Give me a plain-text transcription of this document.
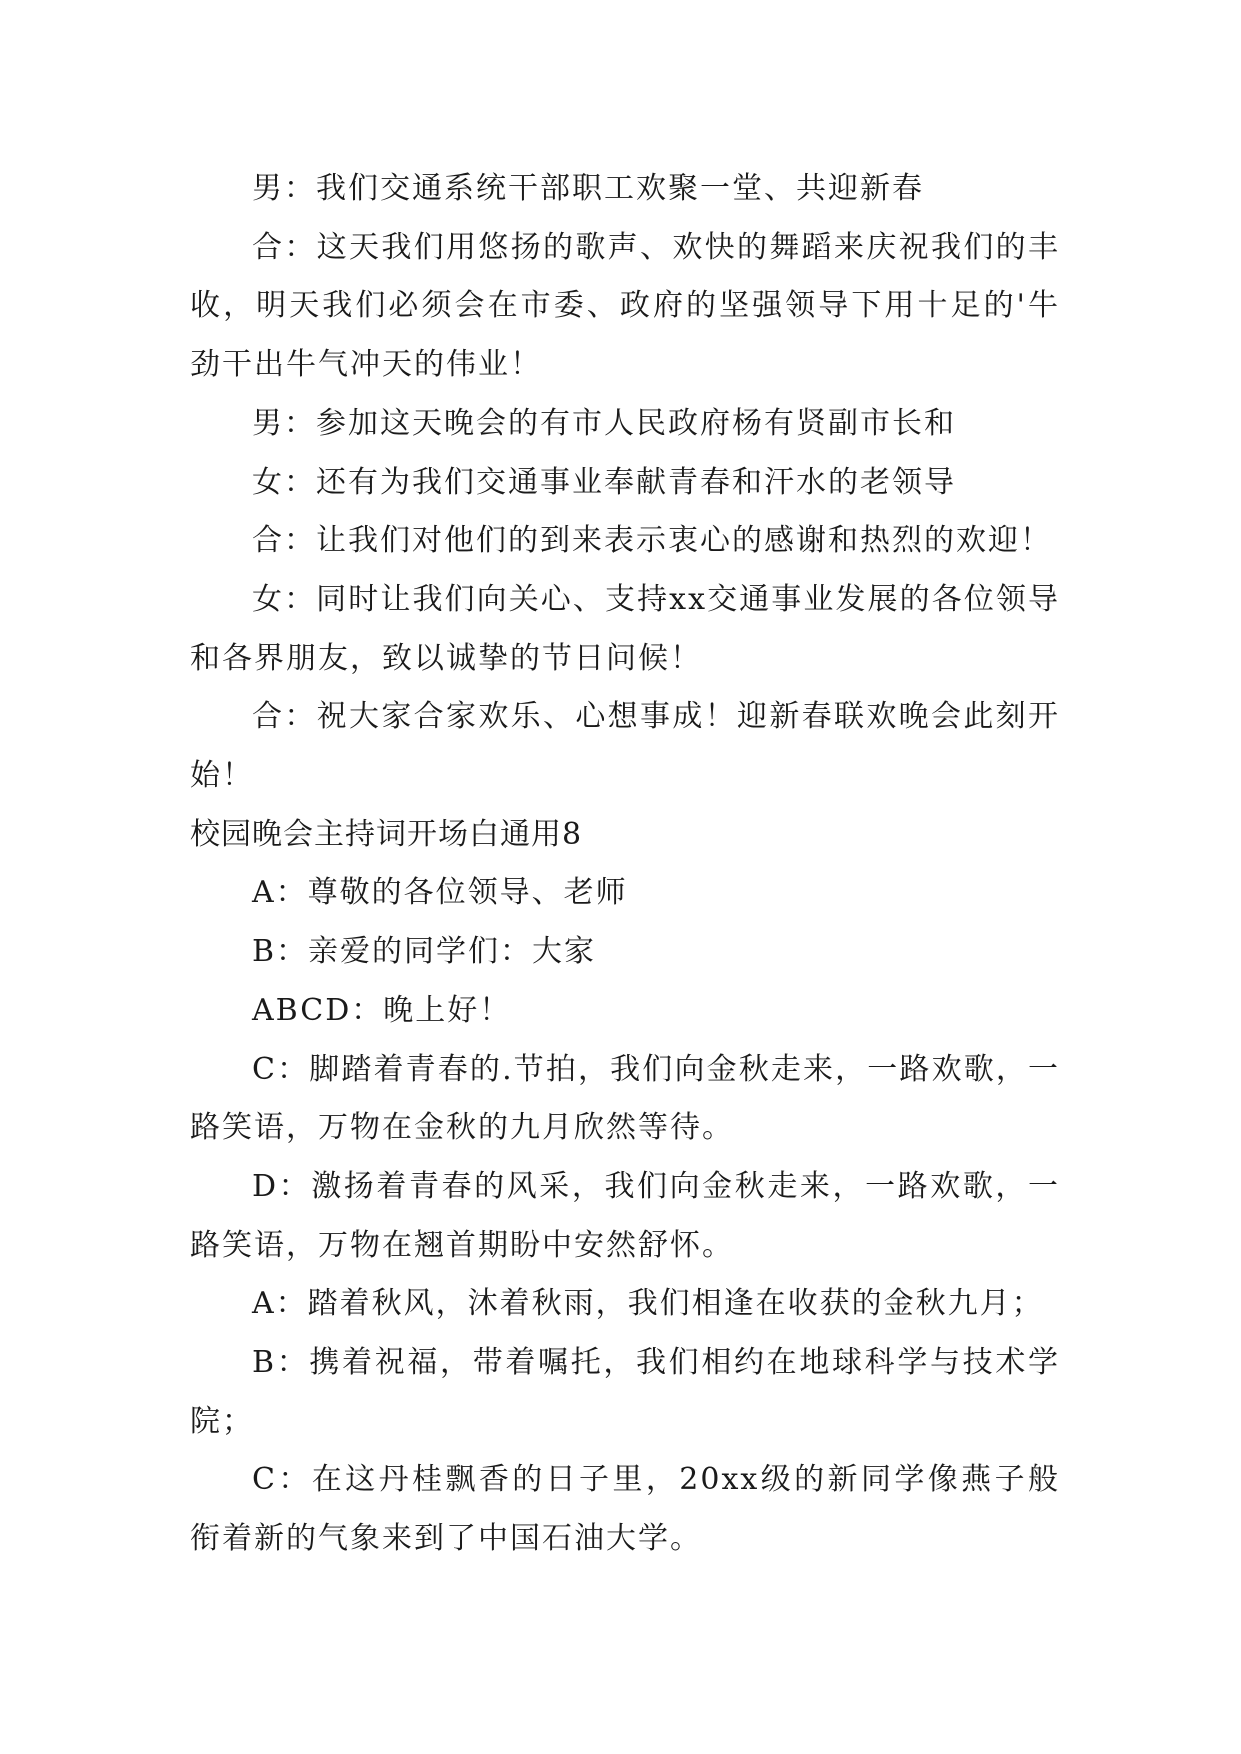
男：我们交通系统干部职工欢聚一堂、共迎新春

合：这天我们用悠扬的歌声、欢快的舞蹈来庆祝我们的丰收，明天我们必须会在市委、政府的坚强领导下用十足的'牛劲干出牛气冲天的伟业！

男：参加这天晚会的有市人民政府杨有贤副市长和

女：还有为我们交通事业奉献青春和汗水的老领导

合：让我们对他们的到来表示衷心的感谢和热烈的欢迎！

女：同时让我们向关心、支持xx交通事业发展的各位领导和各界朋友，致以诚挚的节日问候！

合：祝大家合家欢乐、心想事成！迎新春联欢晚会此刻开始！

校园晚会主持词开场白通用8

A：尊敬的各位领导、老师

B：亲爱的同学们：大家

ABCD：晚上好！

C：脚踏着青春的.节拍，我们向金秋走来，一路欢歌，一路笑语，万物在金秋的九月欣然等待。

D：激扬着青春的风采，我们向金秋走来，一路欢歌，一路笑语，万物在翘首期盼中安然舒怀。

A：踏着秋风，沐着秋雨，我们相逢在收获的金秋九月；

B：携着祝福，带着嘱托，我们相约在地球科学与技术学院；

C：在这丹桂飘香的日子里，20xx级的新同学像燕子般衔着新的气象来到了中国石油大学。
